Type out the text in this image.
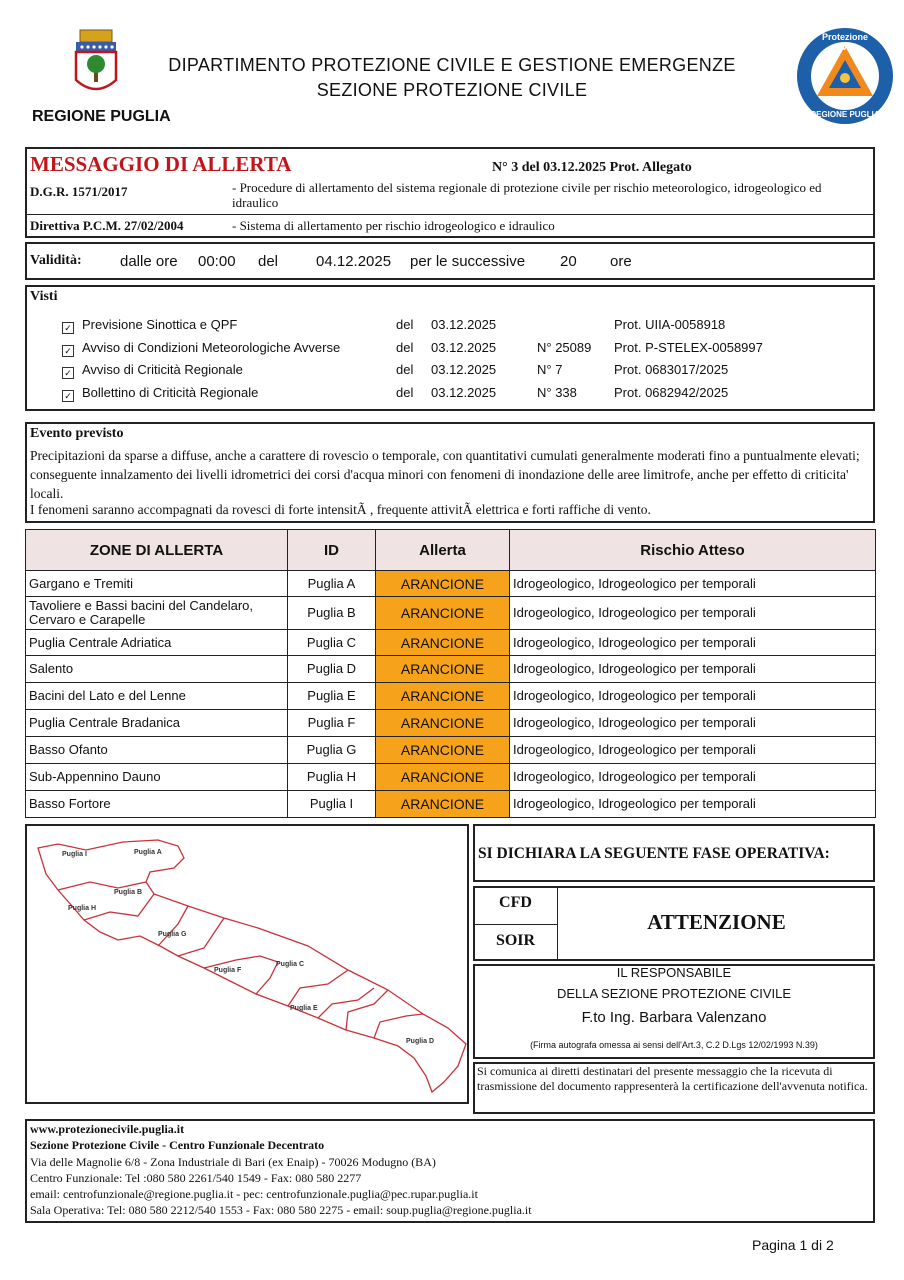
REGIONE PUGLIA
DIPARTIMENTO PROTEZIONE CIVILE E GESTIONE EMERGENZE
SEZIONE PROTEZIONE CIVILE
Protezione Civile
REGIONE PUGLIA
MESSAGGIO DI ALLERTA	N° 3 del 03.12.2025 Prot. Allegato
D.G.R. 1571/2017	- Procedure di allertamento del sistema regionale di protezione civile per rischio meteorologico, idrogeologico ed idraulico
Direttiva P.C.M. 27/02/2004	- Sistema di allertamento per rischio idrogeologico e idraulico
Validità:	dalle ore 00:00 del	04.12.2025 per le successive 20 ore
Visti
✓ Previsione Sinottica e QPF	del 03.12.2025	Prot. UIIA-0058918
✓ Avviso di Condizioni Meteorologiche Avverse	del 03.12.2025	N° 25089 Prot. P-STELEX-0058997
✓ Avviso di Criticità Regionale	del 03.12.2025	N° 7	Prot. 0683017/2025
✓ Bollettino di Criticità Regionale	del 03.12.2025	N° 338	Prot. 0682942/2025
Evento previsto
Precipitazioni da sparse a diffuse, anche a carattere di rovescio o temporale, con quantitativi cumulati generalmente moderati fino a puntualmente elevati; conseguente innalzamento dei livelli idrometrici dei corsi d'acqua minori con fenomeni di inondazione delle aree limitrofe, anche per effetto di criticita' locali.
I fenomeni saranno accompagnati da rovesci di forte intensitÃ , frequente attivitÃ elettrica e forti raffiche di vento.
ZONE DI ALLERTA	ID	Allerta	Rischio Atteso
Gargano e Tremiti	Puglia A	ARANCIONE	Idrogeologico, Idrogeologico per temporali
Tavoliere e Bassi bacini del Candelaro, Cervaro e Carapelle	Puglia B	ARANCIONE	Idrogeologico, Idrogeologico per temporali
Puglia Centrale Adriatica	Puglia C	ARANCIONE	Idrogeologico, Idrogeologico per temporali
Salento	Puglia D	ARANCIONE	Idrogeologico, Idrogeologico per temporali
Bacini del Lato e del Lenne	Puglia E	ARANCIONE	Idrogeologico, Idrogeologico per temporali
Puglia Centrale Bradanica	Puglia F	ARANCIONE	Idrogeologico, Idrogeologico per temporali
Basso Ofanto	Puglia G	ARANCIONE	Idrogeologico, Idrogeologico per temporali
Sub-Appennino Dauno	Puglia H	ARANCIONE	Idrogeologico, Idrogeologico per temporali
Basso Fortore	Puglia I	ARANCIONE	Idrogeologico, Idrogeologico per temporali
Puglia A
Puglia B
Puglia C
Puglia D
Puglia E
Puglia F
Puglia G
Puglia H
Puglia I	SI DICHIARA LA SEGUENTE FASE OPERATIVA:
CFD
SOIR
ATTENZIONE
IL RESPONSABILE
DELLA SEZIONE PROTEZIONE CIVILE
F.to Ing. Barbara Valenzano
(Firma autografa omessa ai sensi dell'Art.3, C.2 D.Lgs 12/02/1993 N.39)
Si comunica ai diretti destinatari del presente messaggio che la ricevuta di trasmissione del documento rappresenterà la certificazione dell'avvenuta notifica.
www.protezionecivile.puglia.it
Sezione Protezione Civile - Centro Funzionale Decentrato
Via delle Magnolie 6/8 - Zona Industriale di Bari (ex Enaip) - 70026 Modugno (BA)
Centro Funzionale: Tel :080 580 2261/540 1549 - Fax: 080 580 2277
email: centrofunzionale@regione.puglia.it - pec: centrofunzionale.puglia@pec.rupar.puglia.it
Sala Operativa: Tel: 080 580 2212/540 1553 - Fax: 080 580 2275 - email: soup.puglia@regione.puglia.it
Pagina 1 di 2
